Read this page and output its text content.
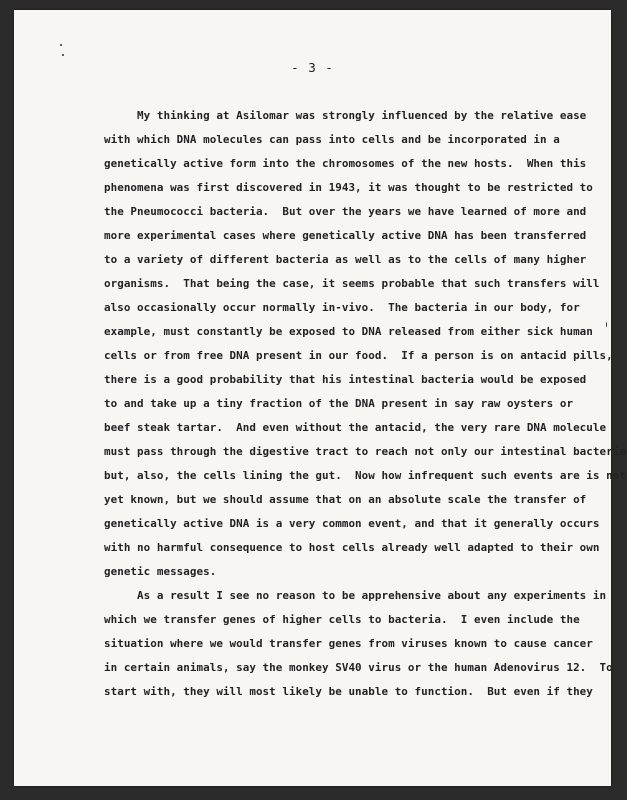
- 3 -
My thinking at Asilomar was strongly influenced by the relative ease
with which DNA molecules can pass into cells and be incorporated in a
genetically active form into the chromosomes of the new hosts.  When this
phenomena was first discovered in 1943, it was thought to be restricted to
the Pneumococci bacteria.  But over the years we have learned of more and
more experimental cases where genetically active DNA has been transferred
to a variety of different bacteria as well as to the cells of many higher
organisms.  That being the case, it seems probable that such transfers will
also occasionally occur normally in-vivo.  The bacteria in our body, for
example, must constantly be exposed to DNA released from either sick human
cells or from free DNA present in our food.  If a person is on antacid pills,
there is a good probability that his intestinal bacteria would be exposed
to and take up a tiny fraction of the DNA present in say raw oysters or
beef steak tartar.  And even without the antacid, the very rare DNA molecule
must pass through the digestive tract to reach not only our intestinal bacteria
but, also, the cells lining the gut.  Now how infrequent such events are is not
yet known, but we should assume that on an absolute scale the transfer of
genetically active DNA is a very common event, and that it generally occurs
with no harmful consequence to host cells already well adapted to their own
genetic messages.
As a result I see no reason to be apprehensive about any experiments in
which we transfer genes of higher cells to bacteria.  I even include the
situation where we would transfer genes from viruses known to cause cancer
in certain animals, say the monkey SV40 virus or the human Adenovirus 12.  To
start with, they will most likely be unable to function.  But even if they
